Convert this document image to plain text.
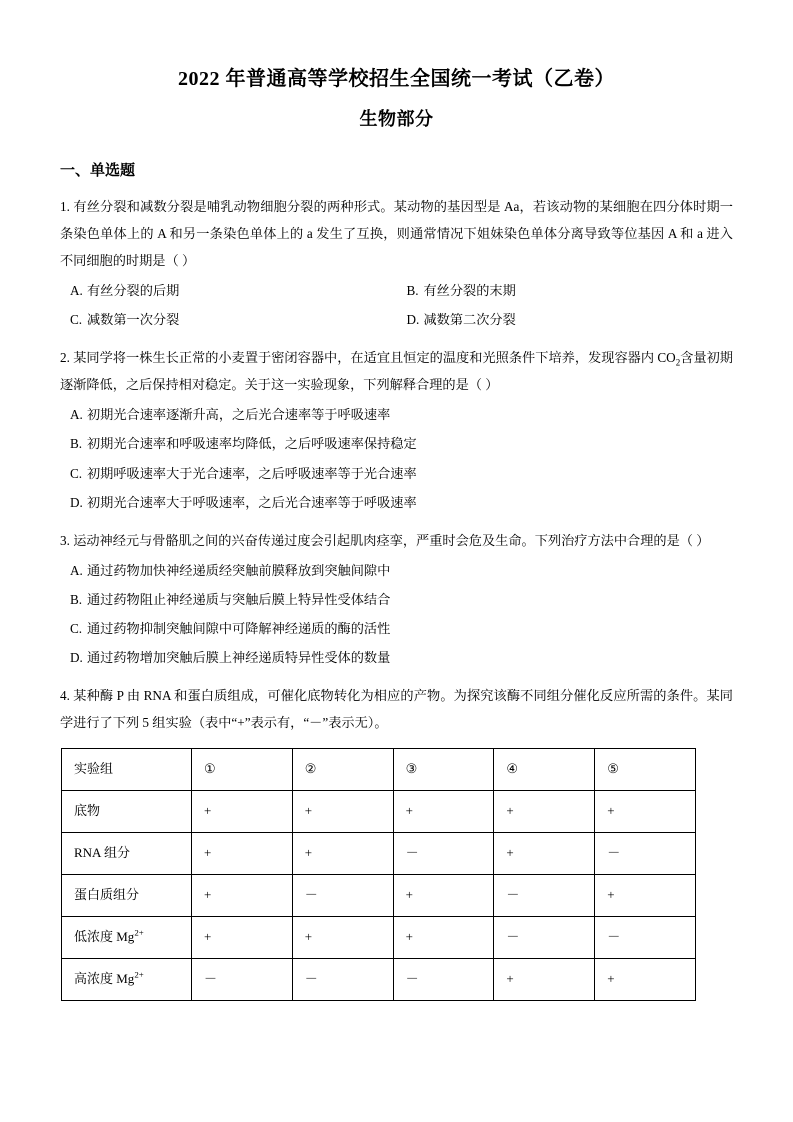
2022 年普通高等学校招生全国统一考试（乙卷）
生物部分
一、单选题
1. 有丝分裂和减数分裂是哺乳动物细胞分裂的两种形式。某动物的基因型是 Aa，若该动物的某细胞在四分体时期一条染色单体上的 A 和另一条染色单体上的 a 发生了互换，则通常情况下姐妹染色单体分离导致等位基因 A 和 a 进入不同细胞的时期是（ ）
A. 有丝分裂的后期	B. 有丝分裂的末期
C. 减数第一次分裂	D. 减数第二次分裂
2. 某同学将一株生长正常的小麦置于密闭容器中，在适宜且恒定的温度和光照条件下培养，发现容器内 $CO_2$含量初期逐渐降低，之后保持相对稳定。关于这一实验现象，下列解释合理的是（ ）
A. 初期光合速率逐渐升高，之后光合速率等于呼吸速率
B. 初期光合速率和呼吸速率均降低，之后呼吸速率保持稳定
C. 初期呼吸速率大于光合速率，之后呼吸速率等于光合速率
D. 初期光合速率大于呼吸速率，之后光合速率等于呼吸速率
3. 运动神经元与骨骼肌之间的兴奋传递过度会引起肌肉痉挛，严重时会危及生命。下列治疗方法中合理的是（ ）
A. 通过药物加快神经递质经突触前膜释放到突触间隙中
B. 通过药物阻止神经递质与突触后膜上特异性受体结合
C. 通过药物抑制突触间隙中可降解神经递质的酶的活性
D. 通过药物增加突触后膜上神经递质特异性受体的数量
4. 某种酶 P 由 RNA 和蛋白质组成，可催化底物转化为相应的产物。为探究该酶不同组分催化反应所需的条件。某同学进行了下列 5 组实验（表中“+”表示有，“－”表示无）。
实验组	①	②	③	④	⑤
底物	+	+	+	+	+
RNA 组分	+	+	－	+	－
蛋白质组分	+	－	+	－	+
低浓度 $Mg^{2+}$	+	+	+	－	－
高浓度 $Mg^{2+}$	－	－	－	+	+
